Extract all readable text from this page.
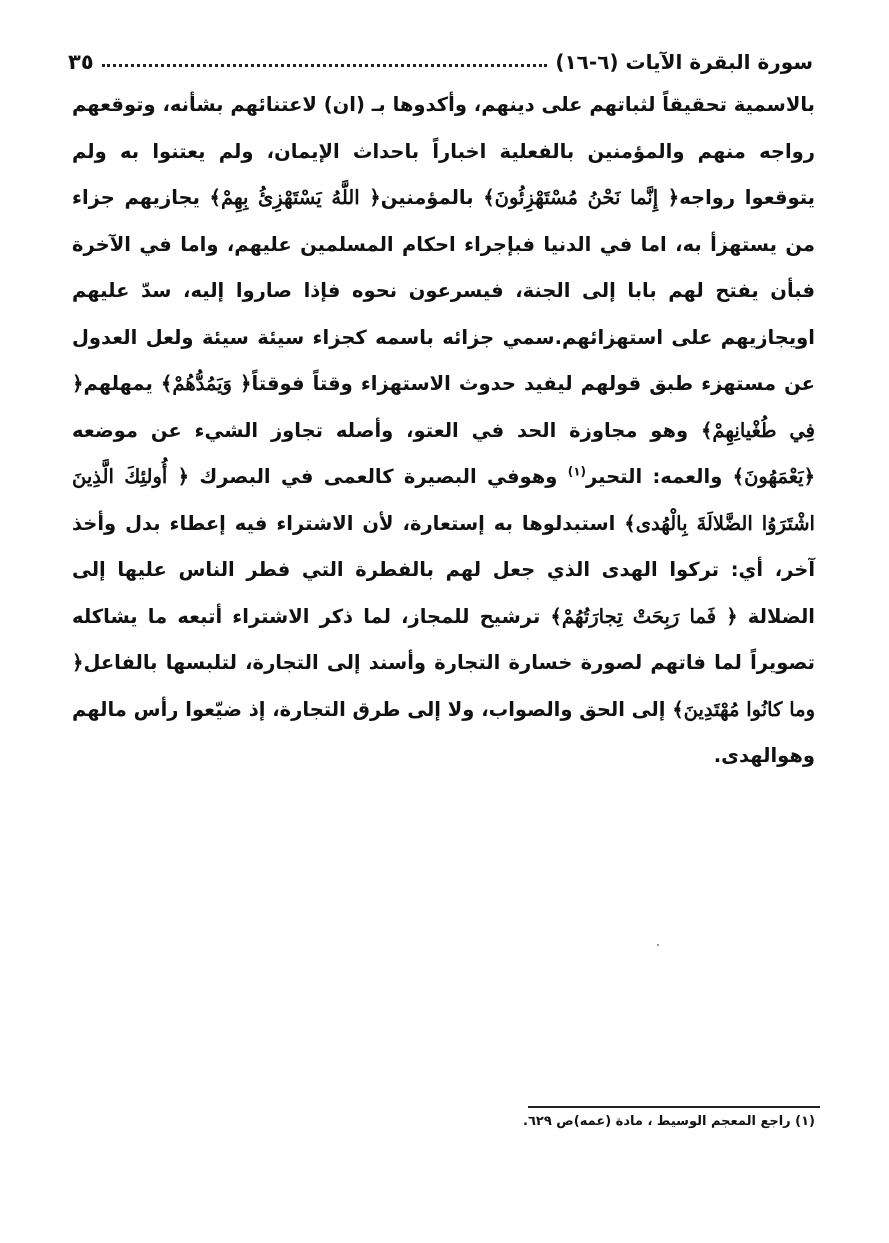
سورة البقرة الآيات (٦-١٦)
٣٥

بالاسمية تحقيقاً لثباتهم على دينهم، وأكدوها بـ (ان) لاعتنائهم بشأنه، وتوقعهم رواجه منهم والمؤمنين بالفعلية اخباراً باحداث الإيمان، ولم يعتنوا به ولم يتوقعوا رواجه﴿ إِنَّما نَحْنُ مُسْتَهْزِئُونَ﴾ بالمؤمنين﴿ اللَّهُ يَسْتَهْزِئُ بِهِمْ﴾ يجازيهم جزاء من يستهزأ به، اما في الدنيا فبإجراء احكام المسلمين عليهم، واما في الآخرة فبأن يفتح لهم بابا إلى الجنة، فيسرعون نحوه فإذا صاروا إليه، سدّ عليهم اويجازيهم على استهزائهم.سمي جزائه باسمه كجزاء سيئة سيئة ولعل العدول عن مستهزء طبق قولهم ليفيد حدوث الاستهزاء وقتاً فوقتاً﴿ وَيَمُدُّهُمْ﴾ يمهلهم﴿ فِي طُغْيانِهِمْ﴾ وهو مجاوزة الحد في العتو، وأصله تجاوز الشيء عن موضعه ﴿يَعْمَهُونَ﴾ والعمه: التحير$^{(١)}$ وهوفي البصيرة كالعمى في البصرك ﴿ أُولئِكَ الَّذِينَ اشْتَرَوُا الضَّلالَةَ بِالْهُدى﴾ استبدلوها به إستعارة، لأن الاشتراء فيه إعطاء بدل وأخذ آخر، أي: تركوا الهدى الذي جعل لهم بالفطرة التي فطر الناس عليها إلى الضلالة ﴿ فَما رَبِحَتْ تِجارَتُهُمْ﴾ ترشيح للمجاز، لما ذكر الاشتراء أتبعه ما يشاكله تصويراً لما فاتهم لصورة خسارة التجارة وأسند إلى التجارة، لتلبسها بالفاعل﴿ وما كانُوا مُهْتَدِينَ﴾ إلى الحق والصواب، ولا إلى طرق التجارة، إذ ضيّعوا رأس مالهم وهوالهدى.

(١) راجع المعجم الوسيط ، مادة (عمه)ص ٦٢٩.
